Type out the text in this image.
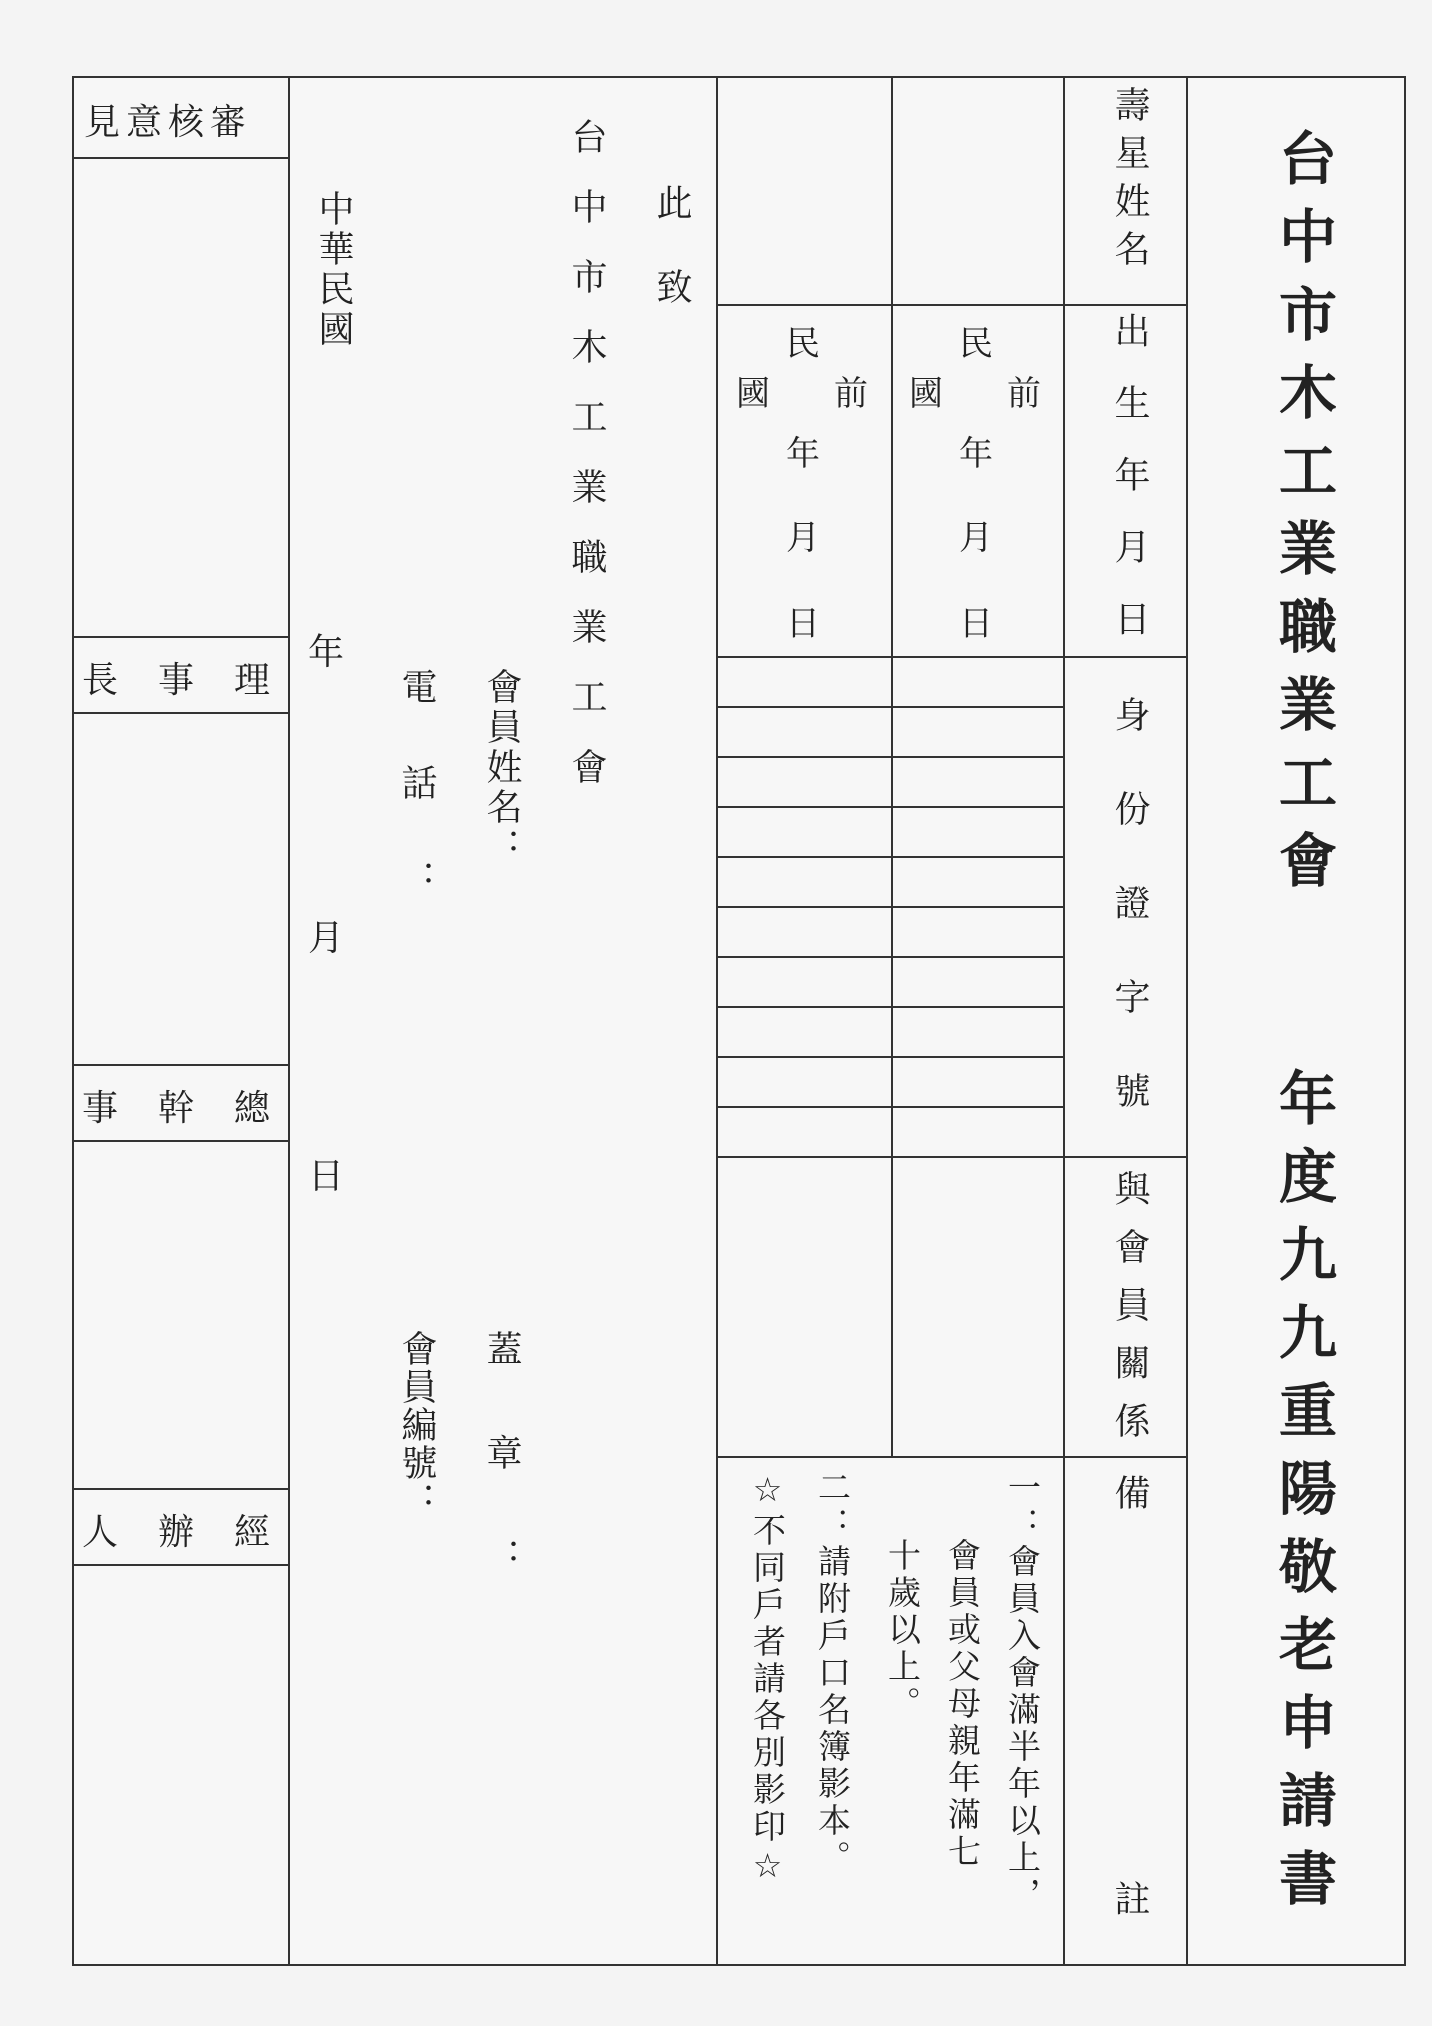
台中市木工業職業工會
年度九九重陽敬老申請書
壽星姓名
出生年月日
身份證字號
與會員關係
備
註
民
國 前
年
月
日
民
國 前
年
月
日
一：會員入會滿半年以上，
會員或父母親年滿七
十歲以上。
二：請附戶口名簿影本。
☆不同戶者請各別影印☆
此致
台中市木工業職業工會
會員姓名：
電話：
蓋章：
會員編號：
中華民國
年
月
日
審核意見
理事長
總幹事
經辦人
